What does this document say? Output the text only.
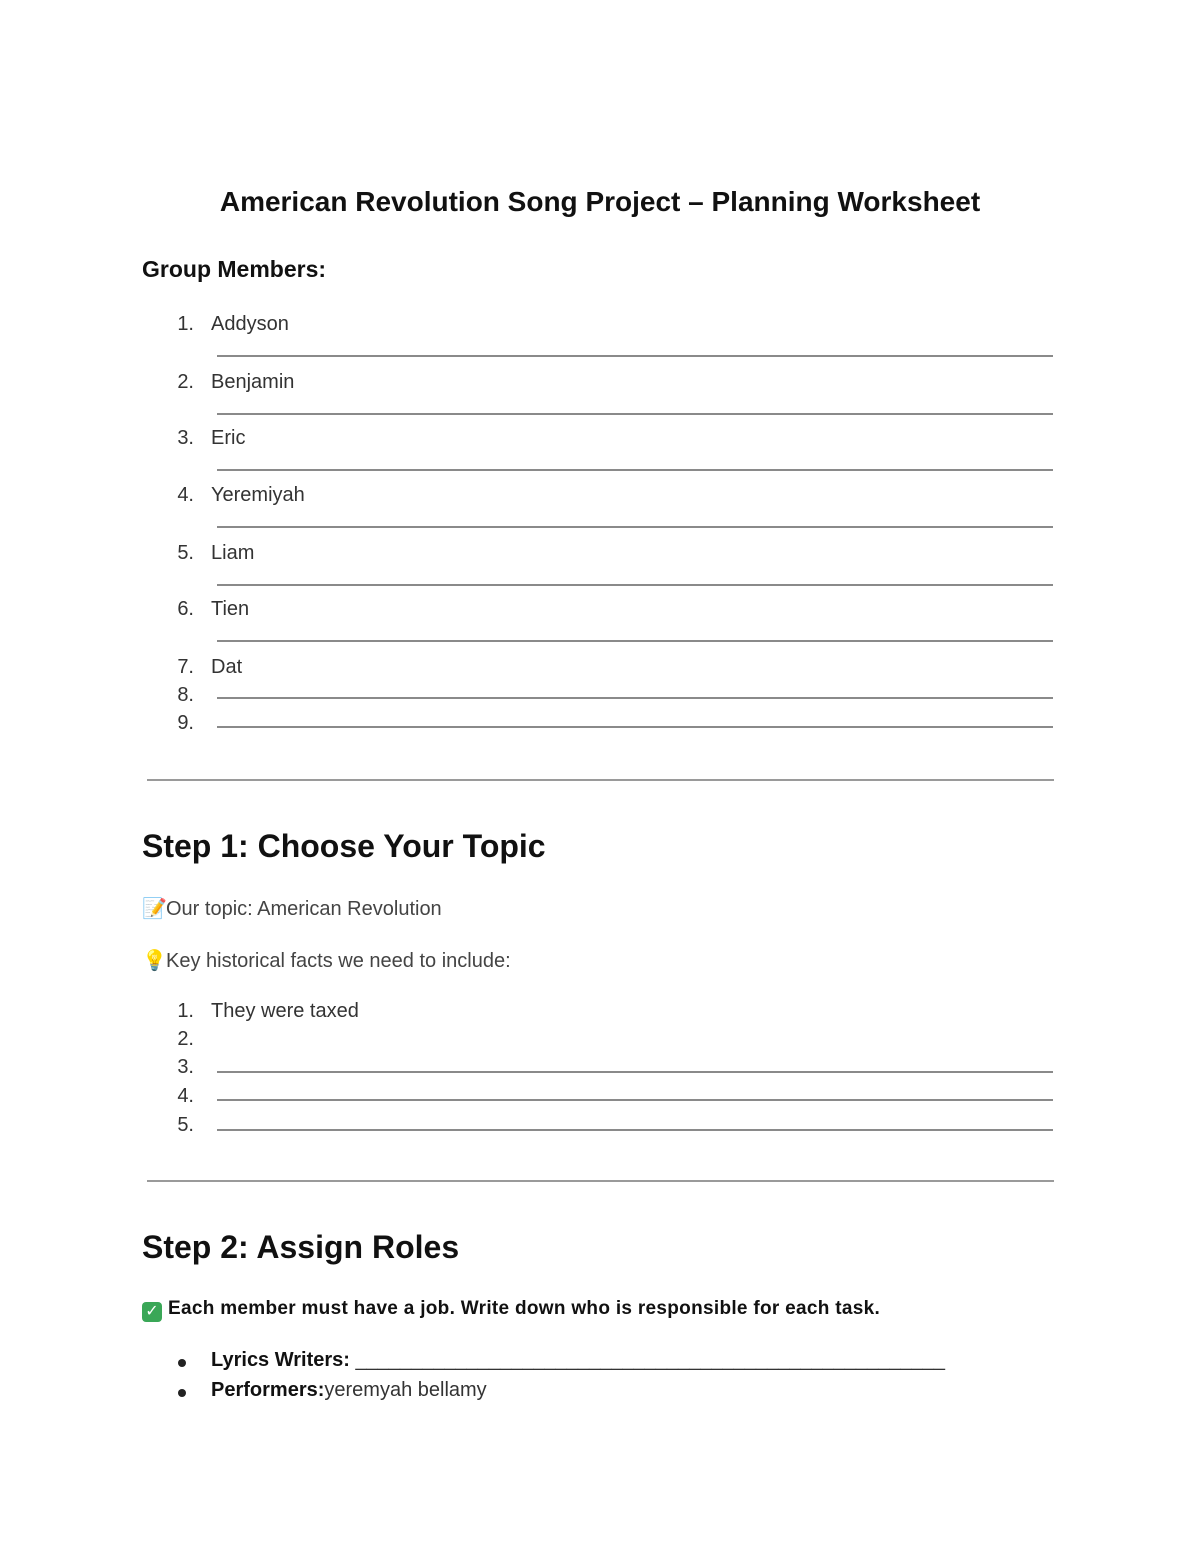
American Revolution Song Project – Planning Worksheet
Group Members:
1. Addyson
2. Benjamin
3. Eric
4. Yeremiyah
5. Liam
6. Tien
7. Dat
8.
9.
Step 1: Choose Your Topic
📝Our topic: American Revolution
💡Key historical facts we need to include:
1. They were taxed
2.
3.
4.
5.
Step 2: Assign Roles
✓ Each member must have a job. Write down who is responsible for each task.
Lyrics Writers: _____________________________________________________
Performers:yeremyah bellamy
